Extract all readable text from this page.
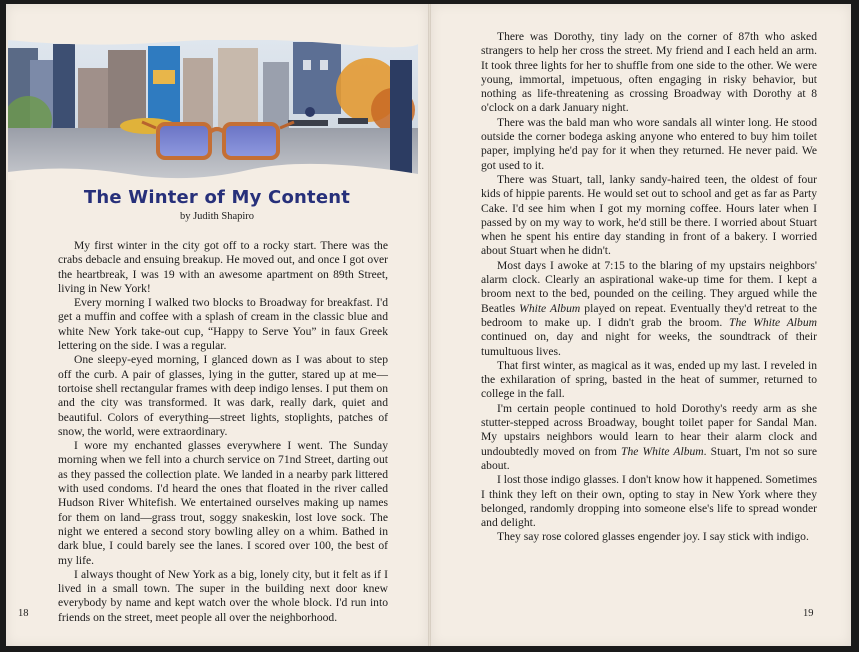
The Winter of My Content
by Judith Shapiro

My first winter in the city got off to a rocky start. There was the crabs debacle and ensuing breakup. He moved out, and once I got over the heartbreak, I was 19 with an awesome apartment on 89th Street, living in New York!

Every morning I walked two blocks to Broadway for breakfast. I'd get a muffin and coffee with a splash of cream in the classic blue and white New York take-out cup, “Happy to Serve You” in faux Greek lettering on the side. I was a regular.

One sleepy-eyed morning, I glanced down as I was about to step off the curb. A pair of glasses, lying in the gutter, stared up at me—tortoise shell rectangular frames with deep indigo lenses. I put them on and the city was transformed. It was dark, really dark, quiet and beautiful. Colors of everything—street lights, stoplights, patches of snow, the world, were extraordinary.

I wore my enchanted glasses everywhere I went. The Sunday morning when we fell into a church service on 71nd Street, darting out as they passed the collection plate. We landed in a nearby park littered with used condoms. I'd heard the ones that floated in the river called Hudson River Whitefish. We entertained ourselves making up names for them on land—grass trout, soggy snakeskin, lost love sock. The night we entered a second story bowling alley on a whim. Bathed in dark blue, I could barely see the lanes. I scored over 100, the best of my life.

I always thought of New York as a big, lonely city, but it felt as if I lived in a small town. The super in the building next door knew everybody by name and kept watch over the whole block. I'd run into friends on the street, meet people all over the neighborhood.

18

There was Dorothy, tiny lady on the corner of 87th who asked strangers to help her cross the street. My friend and I each held an arm. It took three lights for her to shuffle from one side to the other. We were young, immortal, impetuous, often engaging in risky behavior, but nothing as life-threatening as crossing Broadway with Dorothy at 8 o'clock on a dark January night.

There was the bald man who wore sandals all winter long. He stood outside the corner bodega asking anyone who entered to buy him toilet paper, implying he'd pay for it when they returned. He never paid. We got used to it.

There was Stuart, tall, lanky sandy-haired teen, the oldest of four kids of hippie parents. He would set out to school and get as far as Party Cake. I'd see him when I got my morning coffee. Hours later when I passed by on my way to work, he'd still be there. I worried about Stuart when he spent his entire day standing in front of a bakery. I worried about Stuart when he didn't.

Most days I awoke at 7:15 to the blaring of my upstairs neighbors' alarm clock. Clearly an aspirational wake-up time for them. I kept a broom next to the bed, pounded on the ceiling. They argued while the Beatles White Album played on repeat. Eventually they'd retreat to the bedroom to make up. I didn't grab the broom. The White Album continued on, day and night for weeks, the soundtrack of their tumultuous lives.

That first winter, as magical as it was, ended up my last. I reveled in the exhilaration of spring, basted in the heat of summer, returned to college in the fall.

I'm certain people continued to hold Dorothy's reedy arm as she stutter-stepped across Broadway, bought toilet paper for Sandal Man. My upstairs neighbors would learn to hear their alarm clock and undoubtedly moved on from The White Album. Stuart, I'm not so sure about.

I lost those indigo glasses. I don't know how it happened. Sometimes I think they left on their own, opting to stay in New York where they belonged, randomly dropping into someone else's life to spread wonder and delight.

They say rose colored glasses engender joy. I say stick with indigo.

19
